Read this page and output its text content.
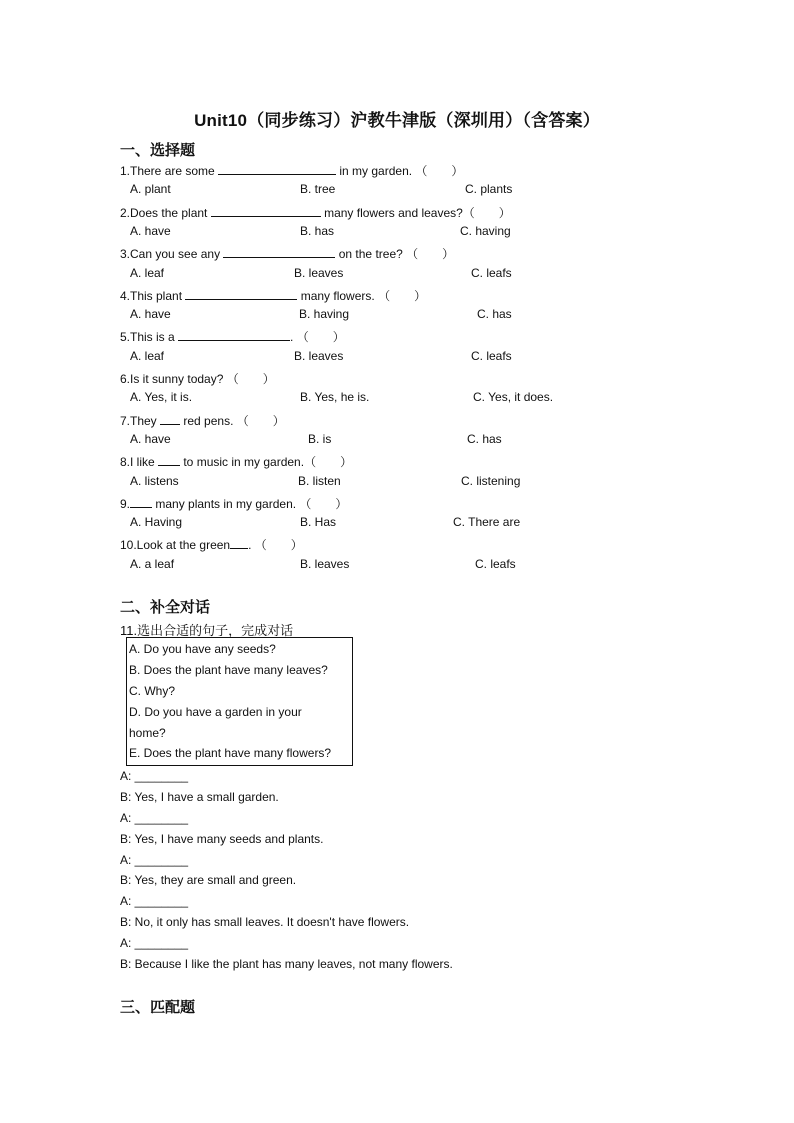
Unit10（同步练习）沪教牛津版（深圳用）（含答案）
一、选择题
1.There are some	in my garden. （　　）
A. plant	B. tree	C. plants
2.Does the plant	many flowers and leaves?（　　）
A. have	B. has	C. having
3.Can you see any	on the tree? （　　）
A. leaf	B. leaves	C. leafs
4.This plant	many flowers. （　　）
A. have	B. having	C. has
5.This is a	. （　　）
A. leaf	B. leaves	C. leafs
6.Is it sunny today? （　　）
A. Yes, it is.	B. Yes, he is.	C. Yes, it does.
7.They  red pens. （　　）
A. have	B. is	C. has
8.I like  to music in my garden.（　　）
A. listens	B. listen	C. listening
9. many plants in my garden. （　　）
A. Having	B. Has	C. There are
10.Look at the green . （　　）
A. a leaf	B. leaves	C. leafs
二、补全对话
11.选出合适的句子，完成对话
A. Do you have any seeds?
B. Does the plant have many leaves?
C. Why?
D. Do you have a garden in your
home?
E. Does the plant have many flowers?
A: ________
B: Yes, I have a small garden.
A: ________
B: Yes, I have many seeds and plants.
A: ________
B: Yes, they are small and green.
A: ________
B: No, it only has small leaves. It doesn't have flowers.
A: ________
B: Because I like the plant has many leaves, not many flowers.
三、匹配题
